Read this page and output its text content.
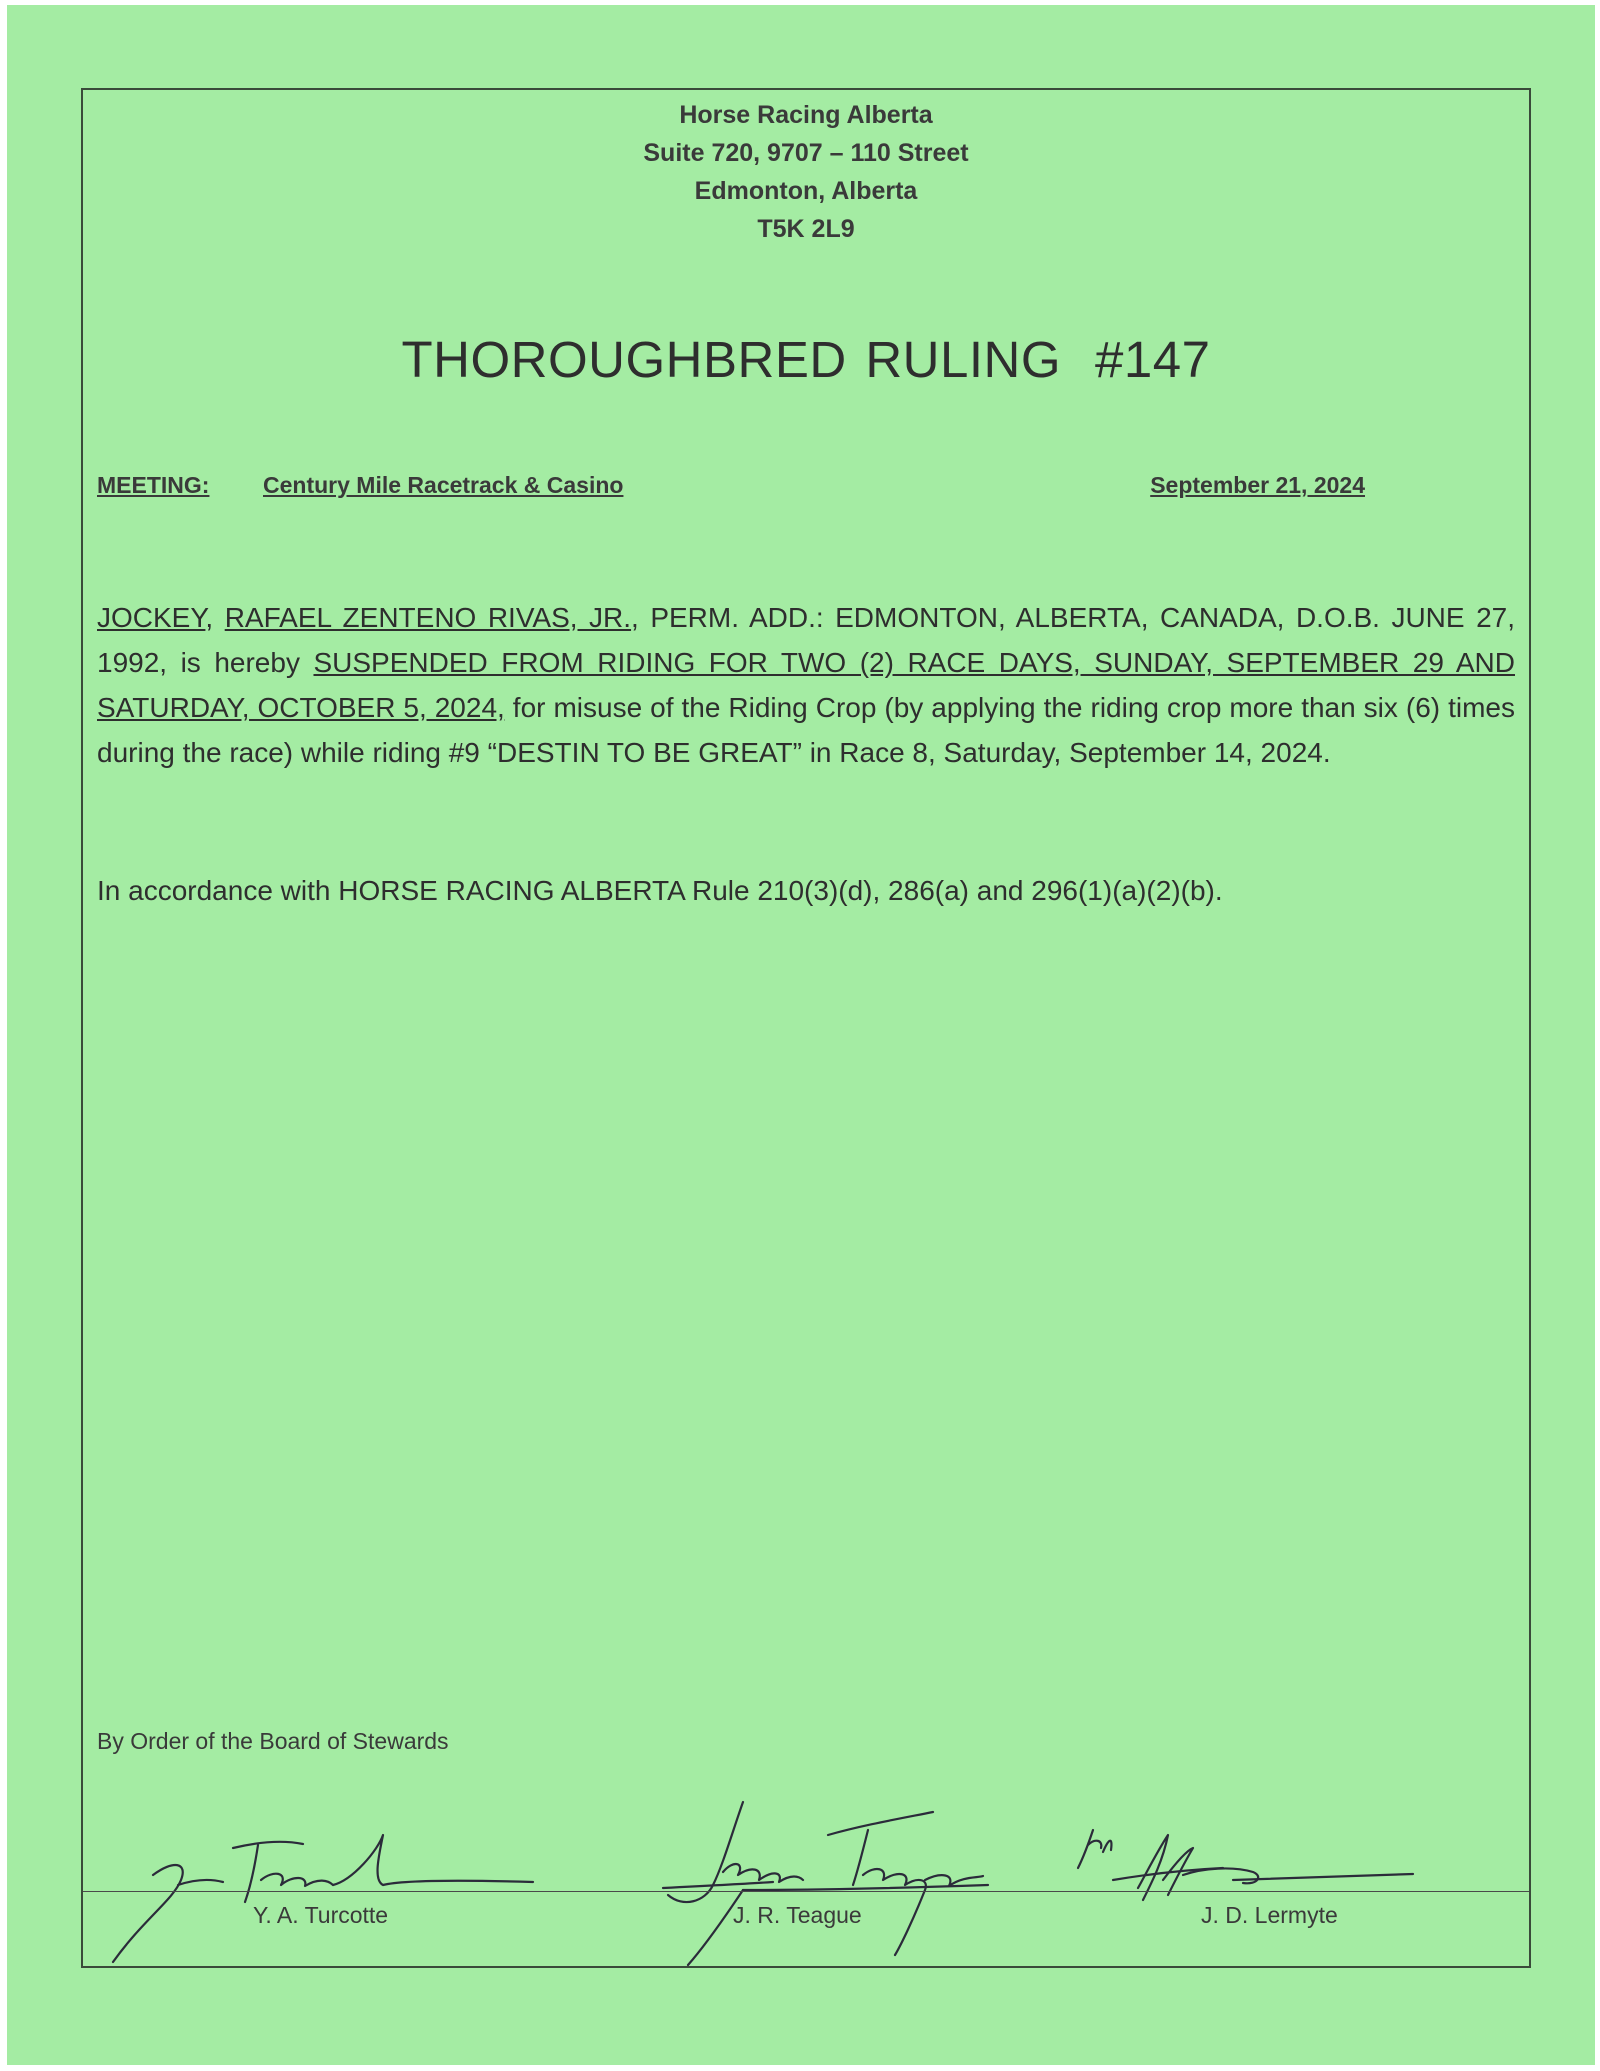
Horse Racing Alberta
Suite 720, 9707 – 110 Street
Edmonton, Alberta
T5K 2L9
THOROUGHBRED RULING #147
MEETING: Century Mile Racetrack & Casino	September 21, 2024

JOCKEY, RAFAEL ZENTENO RIVAS, JR., PERM. ADD.: EDMONTON, ALBERTA, CANADA, D.O.B. JUNE 27, 1992, is hereby SUSPENDED FROM RIDING FOR TWO (2) RACE DAYS, SUNDAY, SEPTEMBER 29 AND SATURDAY, OCTOBER 5, 2024, for misuse of the Riding Crop (by applying the riding crop more than six (6) times during the race) while riding #9 “DESTIN TO BE GREAT” in Race 8, Saturday, September 14, 2024.

In accordance with HORSE RACING ALBERTA Rule 210(3)(d), 286(a) and 296(1)(a)(2)(b).

By Order of the Board of Stewards
Y. A. Turcotte	J. R. Teague	J. D. Lermyte
